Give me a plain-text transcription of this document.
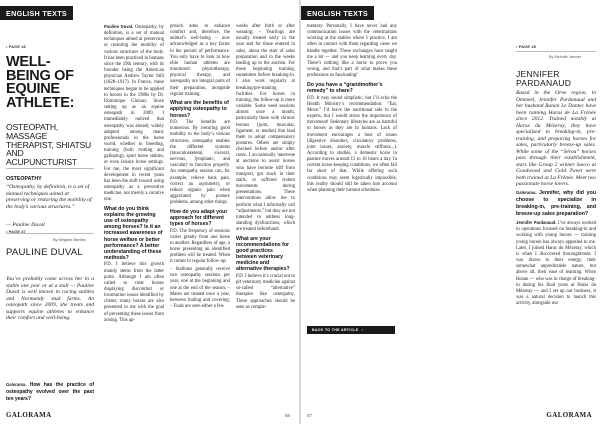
ENGLISH TEXTS
• PAGE 46
WELL-BEING OF EQUINE ATHLETE:
OSTEOPATH, MASSAGE THERAPIST, SHIATSU AND ACUPUNCTURIST
OSTEOPATHY
“Osteopathy, by definition, is a set of manual techniques aimed at preserving or restoring the mobility of the body’s various structures.”
— Pauline Duval
• PAGE 47
By Mégane Martins
PAULINE DUVAL
You’ve probably come across her in a stable one year or at a stall — Pauline Duval is well known in racing stables and Normandy stud farms. An osteopath since 2009, she treats and supports equine athletes to enhance their comfort and well-being.
Galorama. How has the practice of osteopathy evolved over the past ten years?

Pauline Duval. Osteopathy, by definition, is a set of manual techniques aimed at preserving or restoring the mobility of various structures of the body. It has been practiced in humans since the 19th century, with its founder being the American physician Andrew Taylor Still (1828–1917). In France, these techniques began to be applied to horses in the 1980s by Dr. Dominique Giniaux. Since setting up as an equine osteopath in 2009, I immediately noticed that osteopathy was already widely adopted among many professionals in the horse world, whether in breeding, training (both trotting and galloping), sport horse stables, or even leisure horse settings. For me, the most significant development in recent years has been the shift toward using osteopathy as a preventive medicine, not merely a curative one.

What do you think explains the growing use of osteopathy among horses? Is it an increased awareness of horse welfare or better performance? A better understanding of these methods?

P.D. I believe this growth mainly stems from the latter point. Although I am often called to treat horses displaying discomfort or locomotion issues identified by clients, many horses are also presented to me with the goal of preventing these issues from arising. This ap-

proach aims to enhance comfort and, therefore, the animal’s well-being – now acknowledged as a key factor in the pursuit of performance. You only have to look at how elite human athletes are monitored: physiotherapy, physical therapy, and osteopathy are integral parts of their preparation, alongside regular training.

What are the benefits of applying osteopathy to horses?

P.D. The benefits are numerous. By restoring good mobility to the body’s various structures, osteopathy enables the different systems (musculoskeletal, visceral, nervous, lymphatic, and vascular) to function properly. An osteopathy session can, for example, relieve back pain, correct an asymmetry, or reduce organic pain when aggravated by posture problems, among other things.

How do you adapt your approach for different types of horses?

P.D. The frequency of sessions varies greatly from one horse to another. Regardless of age, a horse presenting an identified problem will be treated. When it comes to regular follow-up:

– Stallions generally receive two osteopathy sessions per year, one at the beginning and one at the end of the season; – Mares are treated once a year, between foaling and covering; – Foals are seen either a few

weeks after birth or after weaning; – Yearlings are usually treated early in the year and for those entered in sales, about the start of sales preparation and in the weeks leading up to the auction. For those beginning training, sometimes before breaking-in. I also work regularly at breaking/pre-training facilities. For horses in training, the follow-up is more variable. Some need sessions almost once a month, particularly those with chronic lesions (joint, muscular, ligament, or tendon) that lead them to adopt compensatory postures. Others are simply checked before and/or after races. I occasionally intervene at auctions to assist horses who have become stiff from transport, got stuck in their stalls, or suffered violent movements during presentations. These interventions allow me to perform what I informally call “adjustments,” but they are not intended to address long-standing dysfunctions, which are treated beforehand.

What are your recommendations for good practices between veterinary medicine and alternative therapies?

P.D. I believe it’s crucial not to pit veterinary medicine against so-called “alternative” therapies like osteopathy. These approaches should be seen as comple-

GALORAMA	56
ENGLISH TEXTS

mentary. Personally, I have never had any communication issues with the veterinarians working at the stables where I practice. I am often in contact with them regarding cases we handle together. These exchanges have taught me a lot — and you keep learning every day. There’s nothing like a horse to prove you wrong, and that’s part of what makes these professions so fascinating!

Do you have a “grandmother’s remedy” to share?

P.D. It may sound simplistic, but I’ll echo the Health Ministry’s recommendation: “Eat, Move.” I’d leave the nutritional side to the experts, but I would stress the importance of movement! Sedentary lifestyles are as harmful to horses as they are to humans. Lack of movement encourages a host of issues (digestive disorders, circulatory problems, joint issues, anxiety, muscle stiffness...). According to studies, a domestic horse in pasture moves around 15 to 16 hours a day. In current horse-keeping conditions, we often fall far short of that. While offering such conditions may seem logistically impossible, this reality should still be taken into account when planning their turnout schedules.

BACK TO THE ARTICLE ›
• PAGE 48
By Mélodie Janvier
JENNIFER PARDANAUD
Based in the Orne region, in Omméel, Jennifer Pardanaud and her husband Ronan Le Dantec have been running Haras de La Frênée since 2012. Trained notably at Haras du Mézeray, they have specialized in breaking-in, pre-training, and preparing horses for sales, particularly breeze-up sales. While some of the “Sérou” horses pass through their establishment, stars like Group 2 winner Sueco at Goodwood and Gold Tweet were both trained at La Frênée. Meet two passionate horse lovers.

Galorama. Jennifer, why did you choose to specialize in breaking-in, pre-training, and breeze-up sales preparation?

Jennifer Pardanaud. I’ve always worked in operations focused on breaking-in and working with young horses — training young horses has always appealed to me. Later, I joined Haras du Mézeray, which is when I discovered thoroughbreds. I was drawn to their energy, their somewhat unpredictable nature, but above all, their ease of learning. When Ronan — who was in charge of breaking-in during his final years at Haras du Mézeray — and I set up our business, it was a natural decision to launch this activity, alongside our

GALORAMA
57
